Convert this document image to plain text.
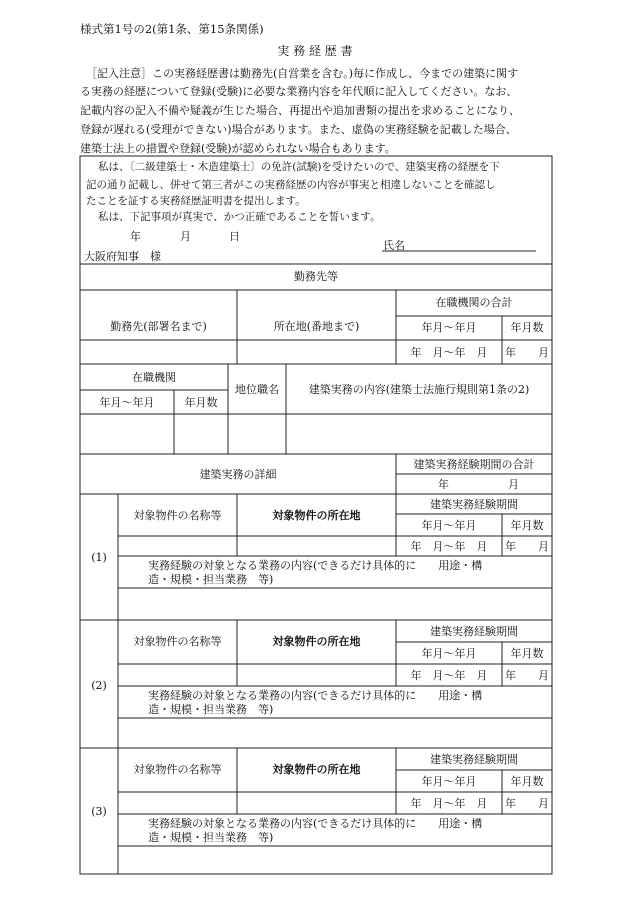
様式第1号の2(第1条、第15条関係)
実 務 経 歴 書
［記入注意］この実務経歴書は勤務先(自営業を含む。)毎に作成し、今までの建築に関す
る実務の経歴について登録(受験)に必要な業務内容を年代順に記入してください。なお、
記載内容の記入不備や疑義が生じた場合、再提出や追加書類の提出を求めることになり、
登録が遅れる(受理ができない)場合があります。また、虚偽の実務経験を記載した場合、
建築士法上の措置や登録(受験)が認められない場合もあります。
私は、〔二級建築士・木造建築士〕の免許(試験)を受けたいので、建築実務の経歴を下
記の通り記載し、併せて第三者がこの実務経歴の内容が事実と相違しないことを確認し
たことを証する実務経歴証明書を提出します。
私は、下記事項が真実で、かつ正確であることを誓います。
年	月	日
氏名
大阪府知事　様
勤務先等
勤務先(部署名まで)	所在地(番地まで)
在職機関の合計
年月～年月	年月数
年　月～年　月	年　　月
在職機関
年月～年月	年月数
地位職名	建築実務の内容(建築士法施行規則第1条の2)
建築実務の詳細
建築実務経験期間の合計
年	月
(1)
対象物件の名称等	対象物件の所在地
建築実務経験期間
年月～年月	年月数
年　月～年　月	年　　月
実務経験の対象となる業務の内容(できるだけ具体的に　　用途・構
造・規模・担当業務　等)
(2)
対象物件の名称等	対象物件の所在地
建築実務経験期間
年月～年月	年月数
年　月～年　月	年　　月
実務経験の対象となる業務の内容(できるだけ具体的に　　用途・構
造・規模・担当業務　等)
(3)
対象物件の名称等	対象物件の所在地
建築実務経験期間
年月～年月	年月数
年　月～年　月	年　　月
実務経験の対象となる業務の内容(できるだけ具体的に　　用途・構
造・規模・担当業務　等)
